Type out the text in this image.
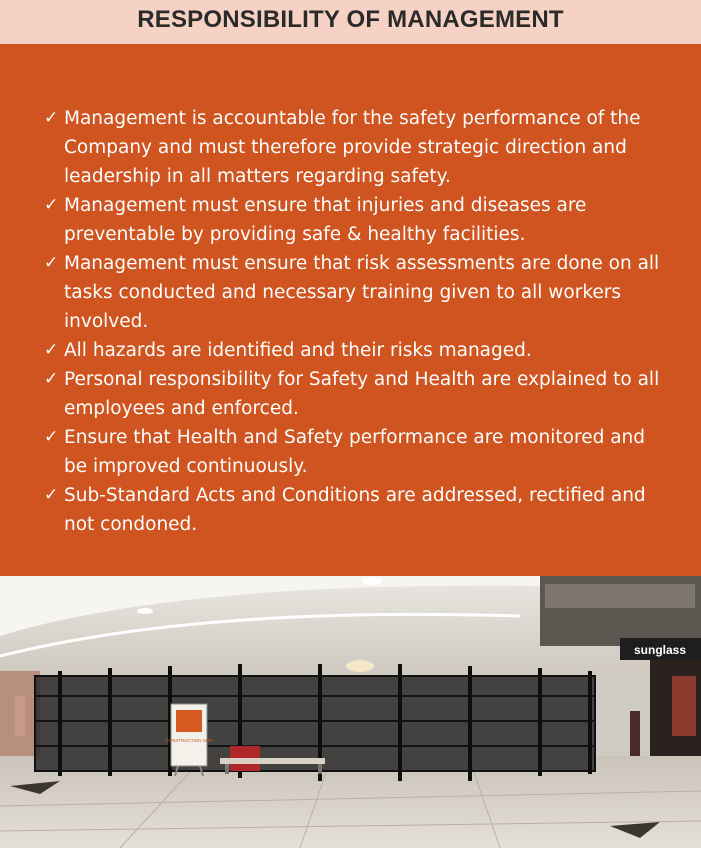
RESPONSIBILITY OF MANAGEMENT
✓ Management is accountable for the safety performance of the Company and must therefore provide strategic direction and leadership in all matters regarding safety.
✓ Management must ensure that injuries and diseases are preventable by providing safe & healthy facilities.
✓ Management must ensure that risk assessments are done on all tasks conducted and necessary training given to all workers involved.
✓ All hazards are identified and their risks managed.
✓ Personal responsibility for Safety and Health are explained to all employees and enforced.
✓ Ensure that Health and Safety performance are monitored and be improved continuously.
✓ Sub-Standard Acts and Conditions are addressed, rectified and not condoned.
sunglass
CONSTRUCTION SITE
